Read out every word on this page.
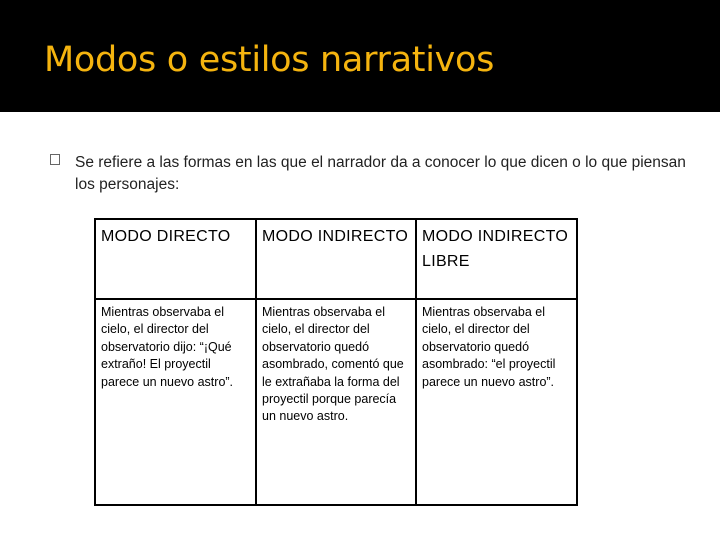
Modos o estilos narrativos

Se refiere a las formas en las que el narrador da a conocer lo que dicen o lo que piensan los personajes:

MODO DIRECTO	MODO INDIRECTO	MODO INDIRECTO LIBRE
Mientras observaba el cielo, el director del observatorio dijo: “¡Qué extraño! El proyectil parece un nuevo astro”.	Mientras observaba el cielo, el director del observatorio quedó asombrado, comentó que le extrañaba la forma del proyectil porque parecía un nuevo astro.	Mientras observaba el cielo, el director del observatorio quedó asombrado: “el proyectil parece un nuevo astro”.
